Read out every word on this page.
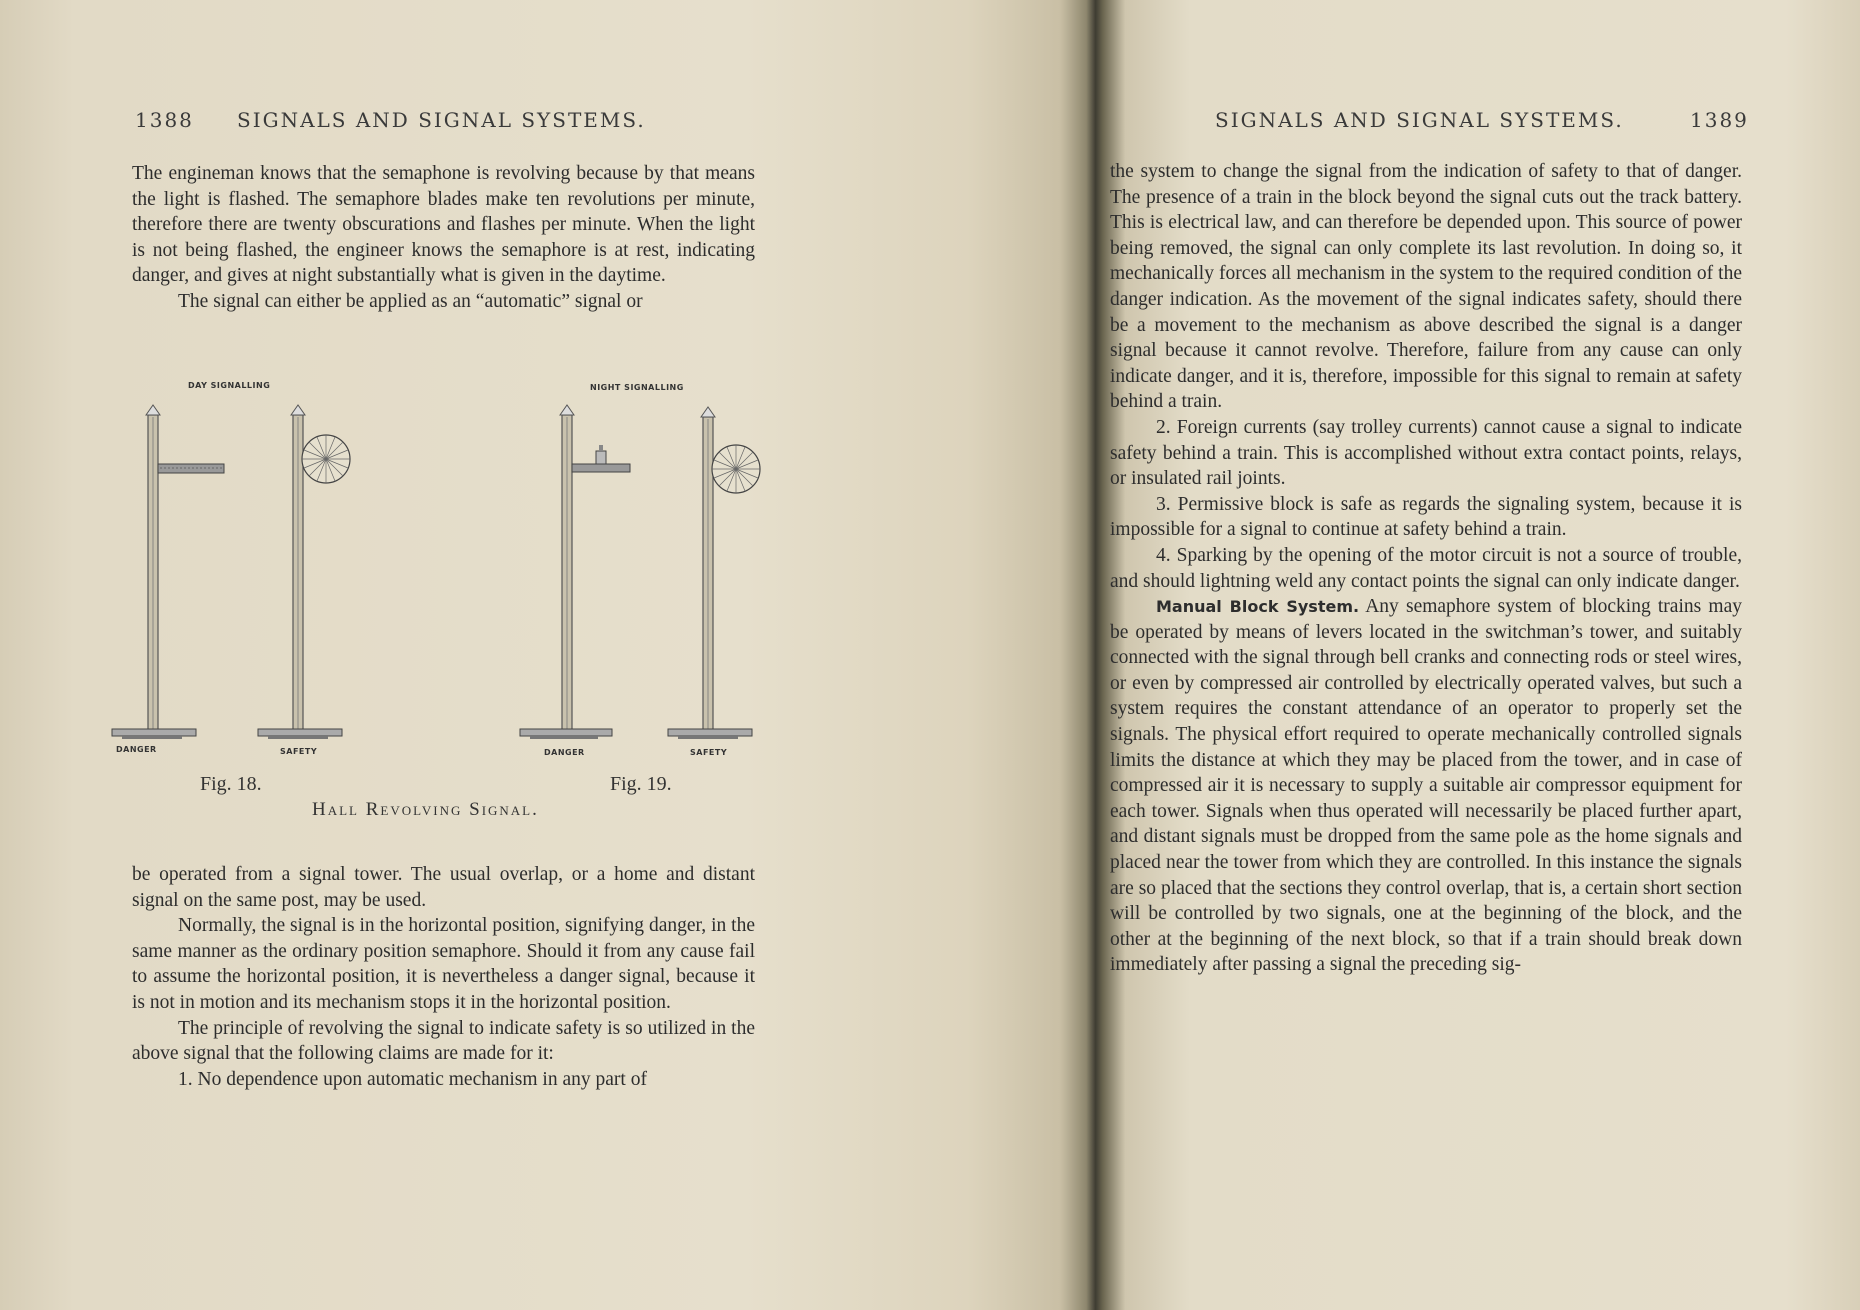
1388 SIGNALS AND SIGNAL SYSTEMS.

The engineman knows that the semaphone is revolving because by that means the light is flashed. The semaphore blades make ten revolutions per minute, therefore there are twenty obscurations and flashes per minute. When the light is not being flashed, the engineer knows the semaphore is at rest, indicating danger, and gives at night substantially what is given in the daytime.

The signal can either be applied as an “automatic” signal or

DAY SIGNALLING	NIGHT SIGNALLING
DANGER	SAFETY	DANGER	SAFETY
Fig. 18.	Fig. 19.
Hall Revolving Signal.

be operated from a signal tower. The usual overlap, or a home and distant signal on the same post, may be used.

Normally, the signal is in the horizontal position, signifying danger, in the same manner as the ordinary position semaphore. Should it from any cause fail to assume the horizontal position, it is nevertheless a danger signal, because it is not in motion and its mechanism stops it in the horizontal position.

The principle of revolving the signal to indicate safety is so utilized in the above signal that the following claims are made for it:

1. No dependence upon automatic mechanism in any part of

SIGNALS AND SIGNAL SYSTEMS.	1389

the system to change the signal from the indication of safety to that of danger. The presence of a train in the block beyond the signal cuts out the track battery. This is electrical law, and can therefore be depended upon. This source of power being removed, the signal can only complete its last revolution. In doing so, it mechanically forces all mechanism in the system to the required condition of the danger indication. As the movement of the signal indicates safety, should there be a movement to the mechanism as above described the signal is a danger signal because it cannot revolve. Therefore, failure from any cause can only indicate danger, and it is, therefore, impossible for this signal to remain at safety behind a train.

2. Foreign currents (say trolley currents) cannot cause a signal to indicate safety behind a train. This is accomplished without extra contact points, relays, or insulated rail joints.

3. Permissive block is safe as regards the signaling system, because it is impossible for a signal to continue at safety behind a train.

4. Sparking by the opening of the motor circuit is not a source of trouble, and should lightning weld any contact points the signal can only indicate danger.

Manual Block System. Any semaphore system of blocking trains may be operated by means of levers located in the switchman’s tower, and suitably connected with the signal through bell cranks and connecting rods or steel wires, or even by compressed air controlled by electrically operated valves, but such a system requires the constant attendance of an operator to properly set the signals. The physical effort required to operate mechanically controlled signals limits the distance at which they may be placed from the tower, and in case of compressed air it is necessary to supply a suitable air compressor equipment for each tower. Signals when thus operated will necessarily be placed further apart, and distant signals must be dropped from the same pole as the home signals and placed near the tower from which they are controlled. In this instance the signals are so placed that the sections they control overlap, that is, a certain short section will be controlled by two signals, one at the beginning of the block, and the other at the beginning of the next block, so that if a train should break down immediately after passing a signal the preceding sig-
